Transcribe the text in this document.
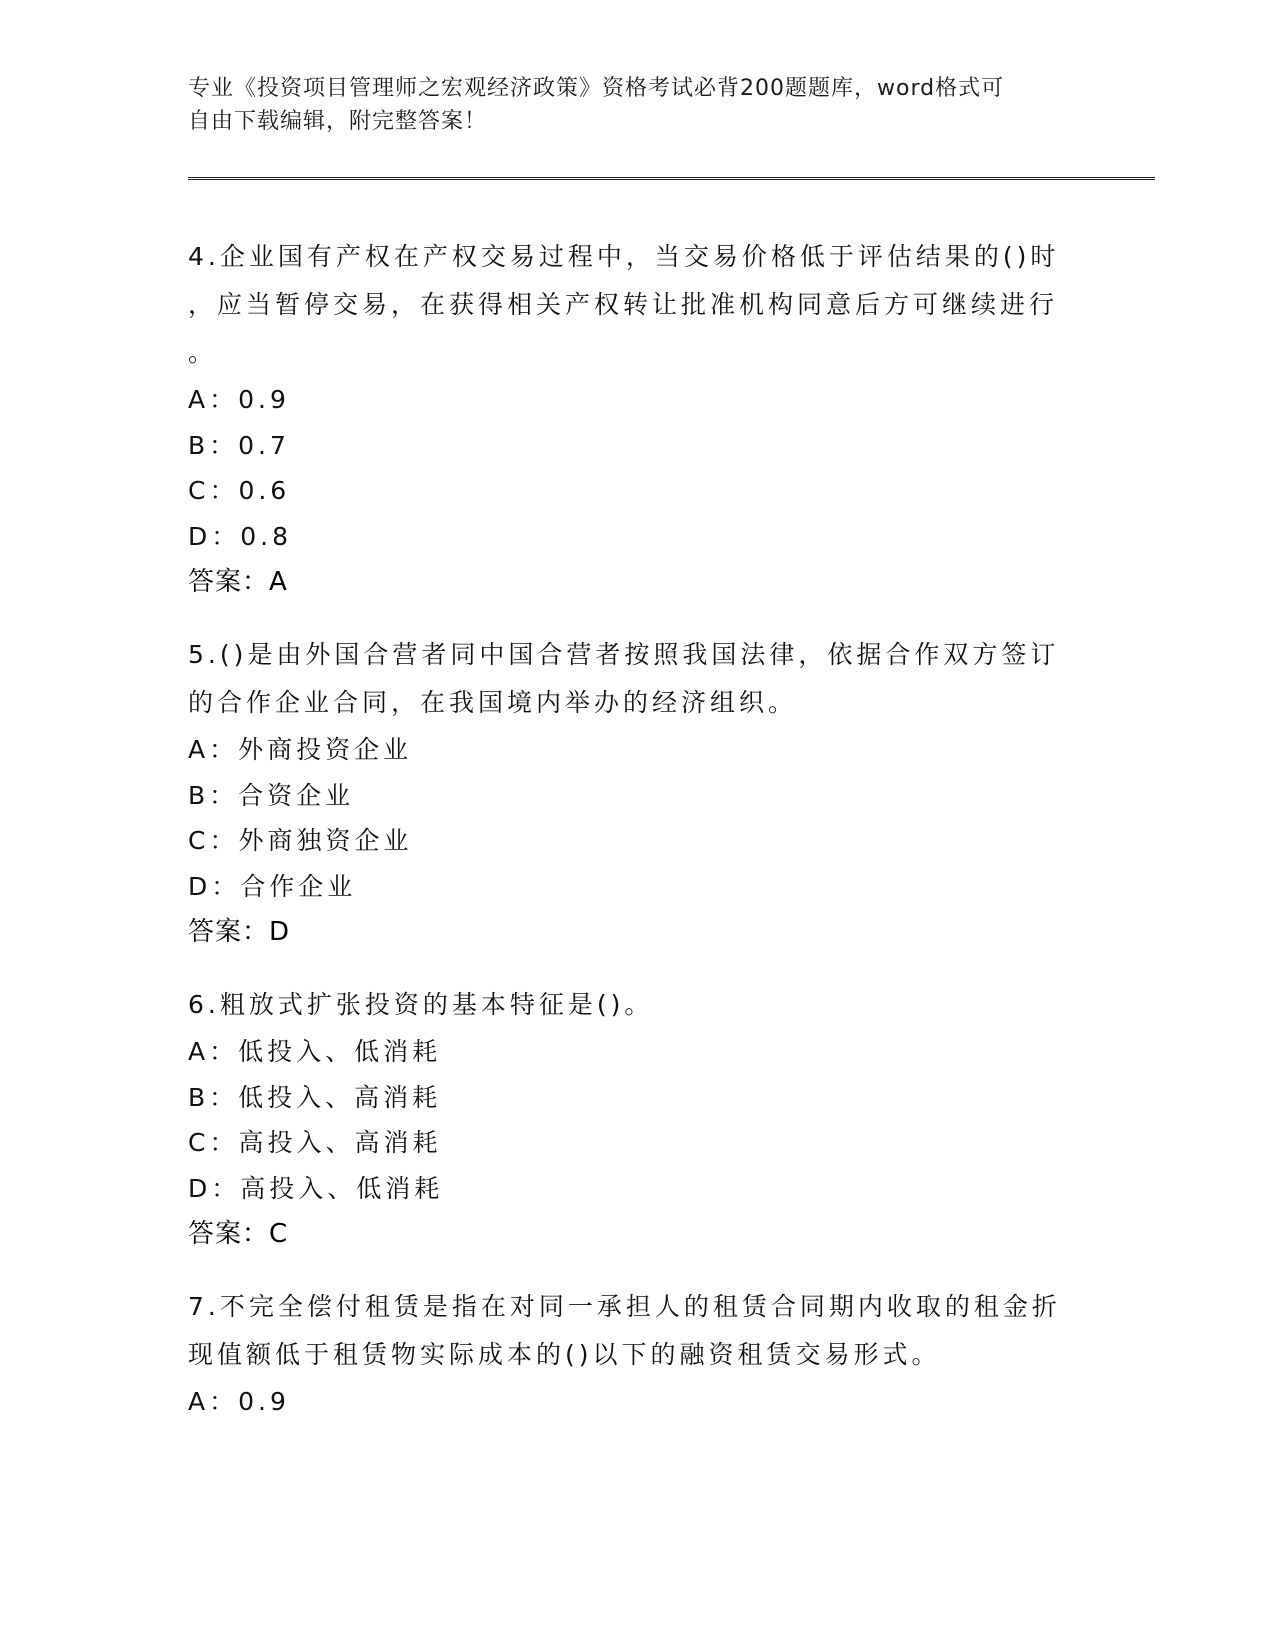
专业《投资项目管理师之宏观经济政策》资格考试必背200题题库，word格式可
自由下载编辑，附完整答案！

4.企业国有产权在产权交易过程中，当交易价格低于评估结果的()时

，应当暂停交易，在获得相关产权转让批准机构同意后方可继续进行

。

A：0.9

B：0.7

C：0.6

D：0.8

答案：A

5.()是由外国合营者同中国合营者按照我国法律，依据合作双方签订

的合作企业合同，在我国境内举办的经济组织。

A：外商投资企业

B：合资企业

C：外商独资企业

D：合作企业

答案：D

6.粗放式扩张投资的基本特征是()。

A：低投入、低消耗

B：低投入、高消耗

C：高投入、高消耗

D：高投入、低消耗

答案：C

7.不完全偿付租赁是指在对同一承担人的租赁合同期内收取的租金折

现值额低于租赁物实际成本的()以下的融资租赁交易形式。

A：0.9
